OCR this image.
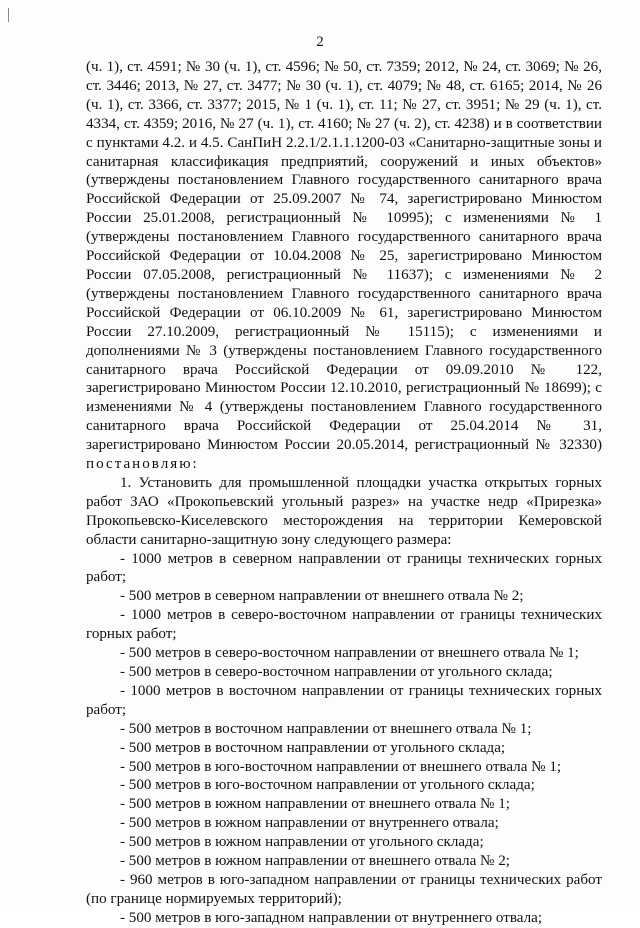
2

(ч. 1), ст. 4591; № 30 (ч. 1), ст. 4596; № 50, ст. 7359; 2012, № 24, ст. 3069; № 26, ст. 3446; 2013, № 27, ст. 3477; № 30 (ч. 1), ст. 4079; № 48, ст. 6165; 2014, № 26 (ч. 1), ст. 3366, ст. 3377; 2015, № 1 (ч. 1), ст. 11; № 27, ст. 3951; № 29 (ч. 1), ст. 4334, ст. 4359; 2016, № 27 (ч. 1), ст. 4160; № 27 (ч. 2), ст. 4238) и в соответствии с пунктами 4.2. и 4.5. СанПиН 2.2.1/2.1.1.1200-03 «Санитарно-защитные зоны и санитарная классификация предприятий, сооружений и иных объектов» (утверждены постановлением Главного государственного санитарного врача Российской Федерации от 25.09.2007 № 74, зарегистрировано Минюстом России 25.01.2008, регистрационный № 10995); с изменениями № 1 (утверждены постановлением Главного государственного санитарного врача Российской Федерации от 10.04.2008 № 25, зарегистрировано Минюстом России 07.05.2008, регистрационный № 11637); с изменениями № 2 (утверждены постановлением Главного государственного санитарного врача Российской Федерации от 06.10.2009 № 61, зарегистрировано Минюстом России 27.10.2009, регистрационный № 15115); с изменениями и дополнениями № 3 (утверждены постановлением Главного государственного санитарного врача Российской Федерации от 09.09.2010 № 122, зарегистрировано Минюстом России 12.10.2010, регистрационный № 18699); с изменениями № 4 (утверждены постановлением Главного государственного санитарного врача Российской Федерации от 25.04.2014 № 31, зарегистрировано Минюстом России 20.05.2014, регистрационный № 32330) постановляю:

1. Установить для промышленной площадки участка открытых горных работ ЗАО «Прокопьевский угольный разрез» на участке недр «Прирезка» Прокопьевско-Киселевского месторождения на территории Кемеровской области санитарно-защитную зону следующего размера:

- 1000 метров в северном направлении от границы технических горных работ;

- 500 метров в северном направлении от внешнего отвала № 2;

- 1000 метров в северо-восточном направлении от границы технических горных работ;

- 500 метров в северо-восточном направлении от внешнего отвала № 1;

- 500 метров в северо-восточном направлении от угольного склада;

- 1000 метров в восточном направлении от границы технических горных работ;

- 500 метров в восточном направлении от внешнего отвала № 1;

- 500 метров в восточном направлении от угольного склада;

- 500 метров в юго-восточном направлении от внешнего отвала № 1;

- 500 метров в юго-восточном направлении от угольного склада;

- 500 метров в южном направлении от внешнего отвала № 1;

- 500 метров в южном направлении от внутреннего отвала;

- 500 метров в южном направлении от угольного склада;

- 500 метров в южном направлении от внешнего отвала № 2;

- 960 метров в юго-западном направлении от границы технических работ (по границе нормируемых территорий);

- 500 метров в юго-западном направлении от внутреннего отвала;
